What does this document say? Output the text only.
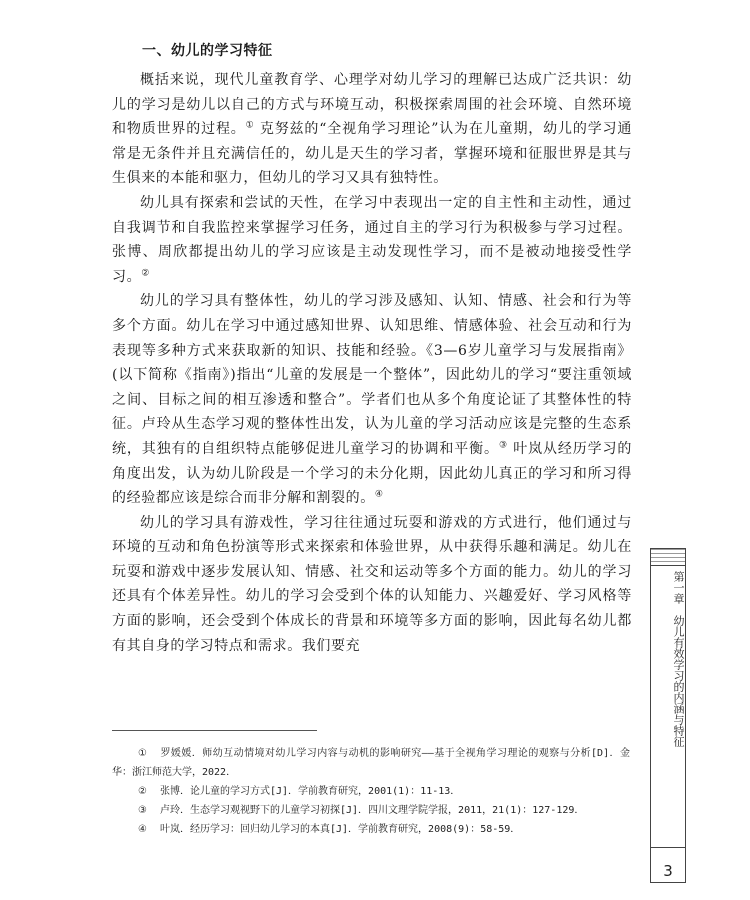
一、幼儿的学习特征

概括来说，现代儿童教育学、心理学对幼儿学习的理解已达成广泛共识：幼儿的学习是幼儿以自己的方式与环境互动，积极探索周围的社会环境、自然环境和物质世界的过程。① 克努兹的“全视角学习理论”认为在儿童期，幼儿的学习通常是无条件并且充满信任的，幼儿是天生的学习者，掌握环境和征服世界是其与生俱来的本能和驱力，但幼儿的学习又具有独特性。

幼儿具有探索和尝试的天性，在学习中表现出一定的自主性和主动性，通过自我调节和自我监控来掌握学习任务，通过自主的学习行为积极参与学习过程。张博、周欣都提出幼儿的学习应该是主动发现性学习，而不是被动地接受性学习。②

幼儿的学习具有整体性，幼儿的学习涉及感知、认知、情感、社会和行为等多个方面。幼儿在学习中通过感知世界、认知思维、情感体验、社会互动和行为表现等多种方式来获取新的知识、技能和经验。《3—6岁儿童学习与发展指南》(以下简称《指南》)指出“儿童的发展是一个整体”，因此幼儿的学习“要注重领域之间、目标之间的相互渗透和整合”。学者们也从多个角度论证了其整体性的特征。卢玲从生态学习观的整体性出发，认为儿童的学习活动应该是完整的生态系统，其独有的自组织特点能够促进儿童学习的协调和平衡。③ 叶岚从经历学习的角度出发，认为幼儿阶段是一个学习的未分化期，因此幼儿真正的学习和所习得的经验都应该是综合而非分解和割裂的。④

幼儿的学习具有游戏性，学习往往通过玩耍和游戏的方式进行，他们通过与环境的互动和角色扮演等形式来探索和体验世界，从中获得乐趣和满足。幼儿在玩耍和游戏中逐步发展认知、情感、社交和运动等多个方面的能力。幼儿的学习还具有个体差异性。幼儿的学习会受到个体的认知能力、兴趣爱好、学习风格等方面的影响，还会受到个体成长的背景和环境等多方面的影响，因此每名幼儿都有其自身的学习特点和需求。我们要充

① 罗媛媛．师幼互动情境对幼儿学习内容与动机的影响研究——基于全视角学习理论的观察与分析[D]．金华：浙江师范大学，2022．

② 张博．论儿童的学习方式[J]．学前教育研究，2001(1)：11-13．

③ 卢玲．生态学习观视野下的儿童学习初探[J]．四川文理学院学报，2011，21(1)：127-129．

④ 叶岚．经历学习：回归幼儿学习的本真[J]．学前教育研究，2008(9)：58-59．

第一章　幼儿有效学习的内涵与特征
3
